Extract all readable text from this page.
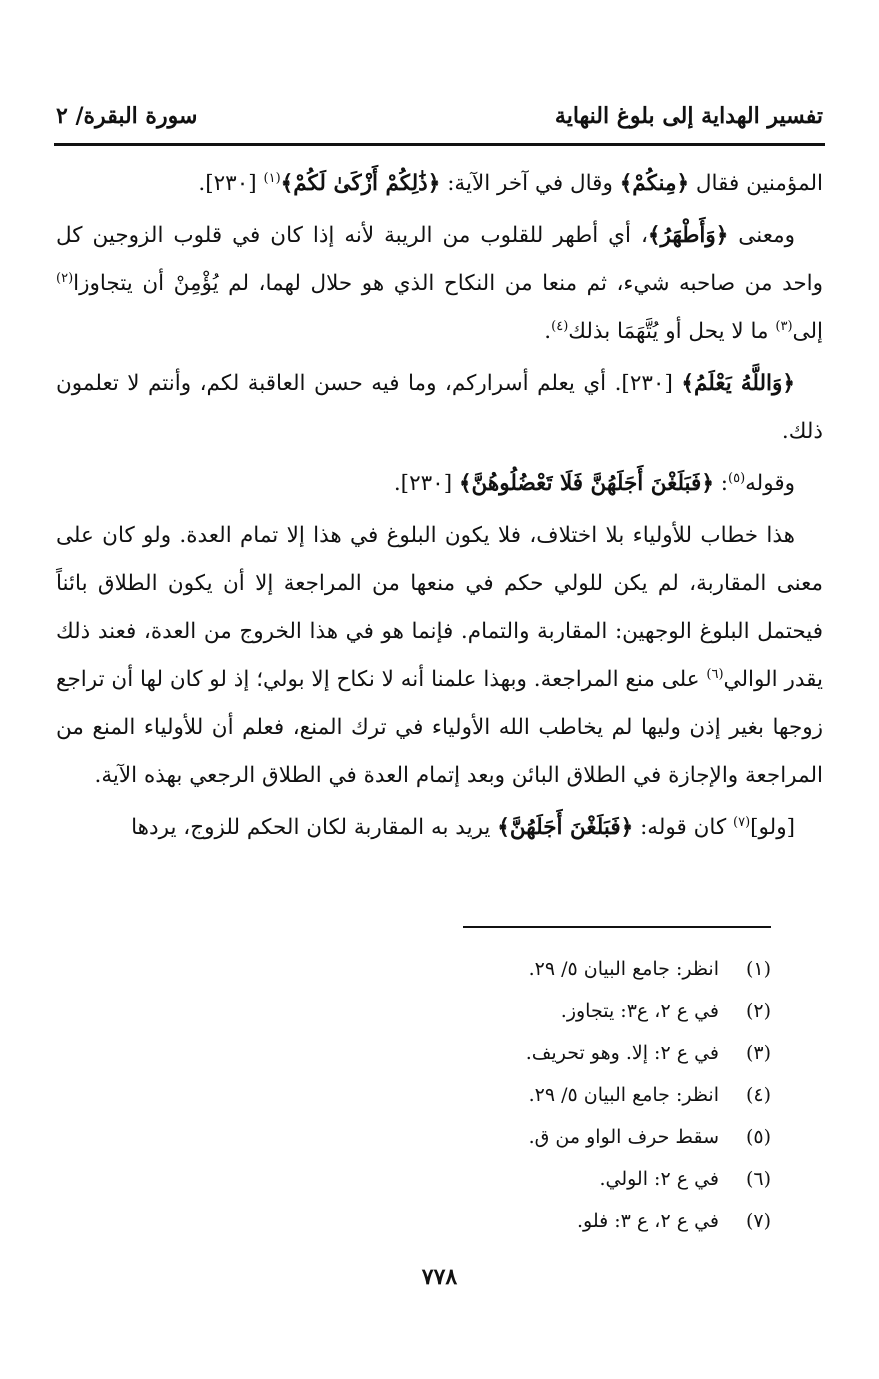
تفسير الهداية إلى بلوغ النهاية
سورة البقرة/ ٢

المؤمنين فقال ﴿مِنكُمْ﴾ وقال في آخر الآية: ﴿ذَٰلِكُمْ أَزْكَىٰ لَكُمْ﴾$^{(١)}$ [٢٣٠].

ومعنى ﴿وَأَطْهَرُ﴾، أي أطهر للقلوب من الريبة لأنه إذا كان في قلوب الزوجين كل واحد من صاحبه شيء، ثم منعا من النكاح الذي هو حلال لهما، لم يُؤْمِنْ أن يتجاوزا$^{(٢)}$ إلى$^{(٣)}$ ما لا يحل أو يُتَّهَمَا بذلك$^{(٤)}$.

﴿وَاللَّهُ يَعْلَمُ﴾ [٢٣٠]. أي يعلم أسراركم، وما فيه حسن العاقبة لكم، وأنتم لا تعلمون ذلك.

وقوله$^{(٥)}$: ﴿فَبَلَغْنَ أَجَلَهُنَّ فَلَا تَعْضُلُوهُنَّ﴾ [٢٣٠].

هذا خطاب للأولياء بلا اختلاف، فلا يكون البلوغ في هذا إلا تمام العدة. ولو كان على معنى المقاربة، لم يكن للولي حكم في منعها من المراجعة إلا أن يكون الطلاق بائناً فيحتمل البلوغ الوجهين: المقاربة والتمام. فإنما هو في هذا الخروج من العدة، فعند ذلك يقدر الوالي$^{(٦)}$ على منع المراجعة. وبهذا علمنا أنه لا نكاح إلا بولي؛ إذ لو كان لها أن تراجع زوجها بغير إذن وليها لم يخاطب الله الأولياء في ترك المنع، فعلم أن للأولياء المنع من المراجعة والإجازة في الطلاق البائن وبعد إتمام العدة في الطلاق الرجعي بهذه الآية.

[ولو]$^{(٧)}$ كان قوله: ﴿فَبَلَغْنَ أَجَلَهُنَّ﴾ يريد به المقاربة لكان الحكم للزوج، يردها

(١)
انظر: جامع البيان ٥/ ٢٩.
(٢)
في ع ٢، ع٣: يتجاوز.
(٣)
في ع ٢: إلا. وهو تحريف.
(٤)
انظر: جامع البيان ٥/ ٢٩.
(٥)
سقط حرف الواو من ق.
(٦)
في ع ٢: الولي.
(٧)
في ع ٢، ع ٣: فلو.
٧٧٨
